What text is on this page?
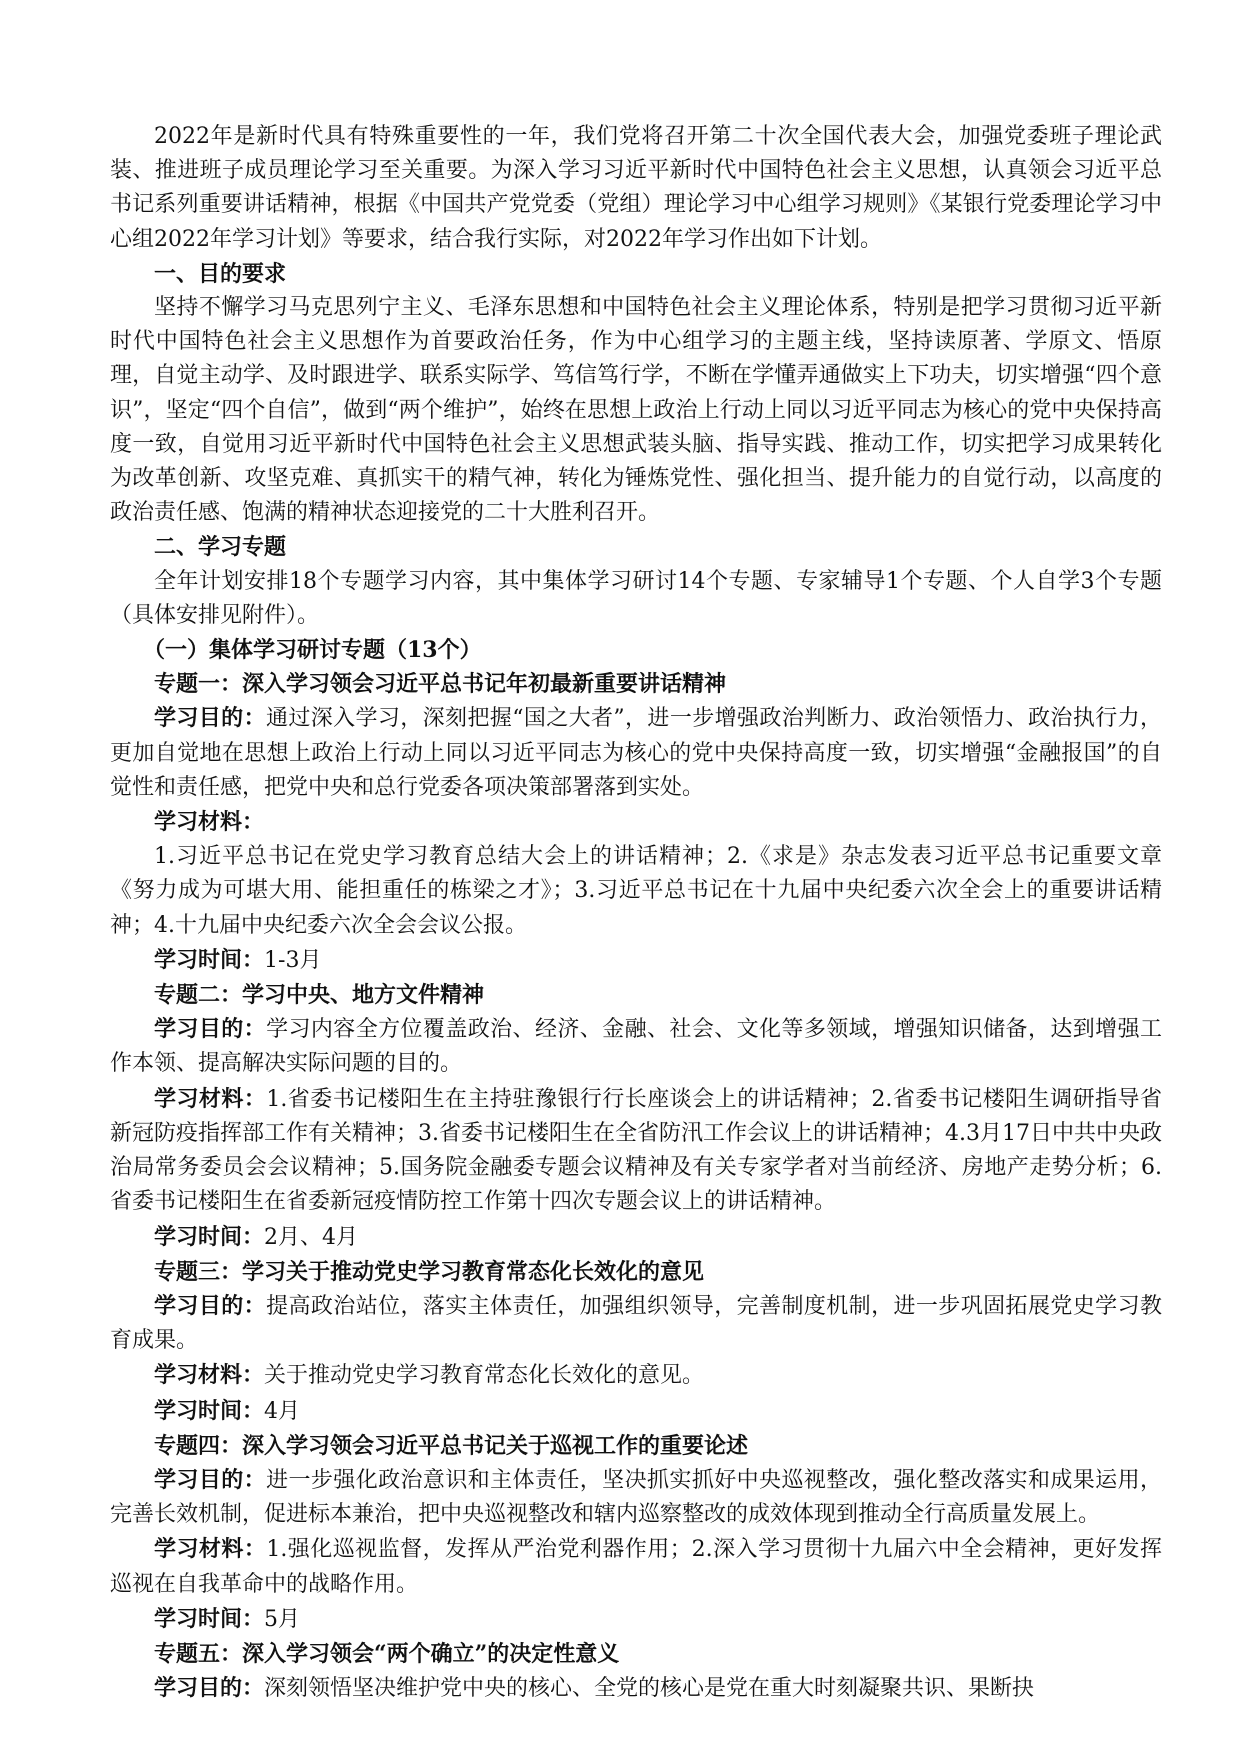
2022年是新时代具有特殊重要性的一年，我们党将召开第二十次全国代表大会，加强党委班子理论武装、推进班子成员理论学习至关重要。为深入学习习近平新时代中国特色社会主义思想，认真领会习近平总书记系列重要讲话精神，根据《中国共产党党委（党组）理论学习中心组学习规则》《某银行党委理论学习中心组2022年学习计划》等要求，结合我行实际，对2022年学习作出如下计划。

一、目的要求

坚持不懈学习马克思列宁主义、毛泽东思想和中国特色社会主义理论体系，特别是把学习贯彻习近平新时代中国特色社会主义思想作为首要政治任务，作为中心组学习的主题主线，坚持读原著、学原文、悟原理，自觉主动学、及时跟进学、联系实际学、笃信笃行学，不断在学懂弄通做实上下功夫，切实增强“四个意识”，坚定“四个自信”，做到“两个维护”，始终在思想上政治上行动上同以习近平同志为核心的党中央保持高度一致，自觉用习近平新时代中国特色社会主义思想武装头脑、指导实践、推动工作，切实把学习成果转化为改革创新、攻坚克难、真抓实干的精气神，转化为锤炼党性、强化担当、提升能力的自觉行动，以高度的政治责任感、饱满的精神状态迎接党的二十大胜利召开。

二、学习专题

全年计划安排18个专题学习内容，其中集体学习研讨14个专题、专家辅导1个专题、个人自学3个专题（具体安排见附件）。

（一）集体学习研讨专题（13个）

专题一：深入学习领会习近平总书记年初最新重要讲话精神

学习目的：通过深入学习，深刻把握“国之大者”，进一步增强政治判断力、政治领悟力、政治执行力，更加自觉地在思想上政治上行动上同以习近平同志为核心的党中央保持高度一致，切实增强“金融报国”的自觉性和责任感，把党中央和总行党委各项决策部署落到实处。

学习材料：

1.习近平总书记在党史学习教育总结大会上的讲话精神；2.《求是》杂志发表习近平总书记重要文章《努力成为可堪大用、能担重任的栋梁之才》；3.习近平总书记在十九届中央纪委六次全会上的重要讲话精神；4.十九届中央纪委六次全会会议公报。

学习时间：1-3月

专题二：学习中央、地方文件精神

学习目的：学习内容全方位覆盖政治、经济、金融、社会、文化等多领域，增强知识储备，达到增强工作本领、提高解决实际问题的目的。

学习材料：1.省委书记楼阳生在主持驻豫银行行长座谈会上的讲话精神；2.省委书记楼阳生调研指导省新冠防疫指挥部工作有关精神；3.省委书记楼阳生在全省防汛工作会议上的讲话精神；4.3月17日中共中央政治局常务委员会会议精神；5.国务院金融委专题会议精神及有关专家学者对当前经济、房地产走势分析；6.省委书记楼阳生在省委新冠疫情防控工作第十四次专题会议上的讲话精神。

学习时间：2月、4月

专题三：学习关于推动党史学习教育常态化长效化的意见

学习目的：提高政治站位，落实主体责任，加强组织领导，完善制度机制，进一步巩固拓展党史学习教育成果。

学习材料：关于推动党史学习教育常态化长效化的意见。

学习时间：4月

专题四：深入学习领会习近平总书记关于巡视工作的重要论述

学习目的：进一步强化政治意识和主体责任，坚决抓实抓好中央巡视整改，强化整改落实和成果运用，完善长效机制，促进标本兼治，把中央巡视整改和辖内巡察整改的成效体现到推动全行高质量发展上。

学习材料：1.强化巡视监督，发挥从严治党利器作用；2.深入学习贯彻十九届六中全会精神，更好发挥巡视在自我革命中的战略作用。

学习时间：5月

专题五：深入学习领会“两个确立”的决定性意义

学习目的：深刻领悟坚决维护党中央的核心、全党的核心是党在重大时刻凝聚共识、果断抉
